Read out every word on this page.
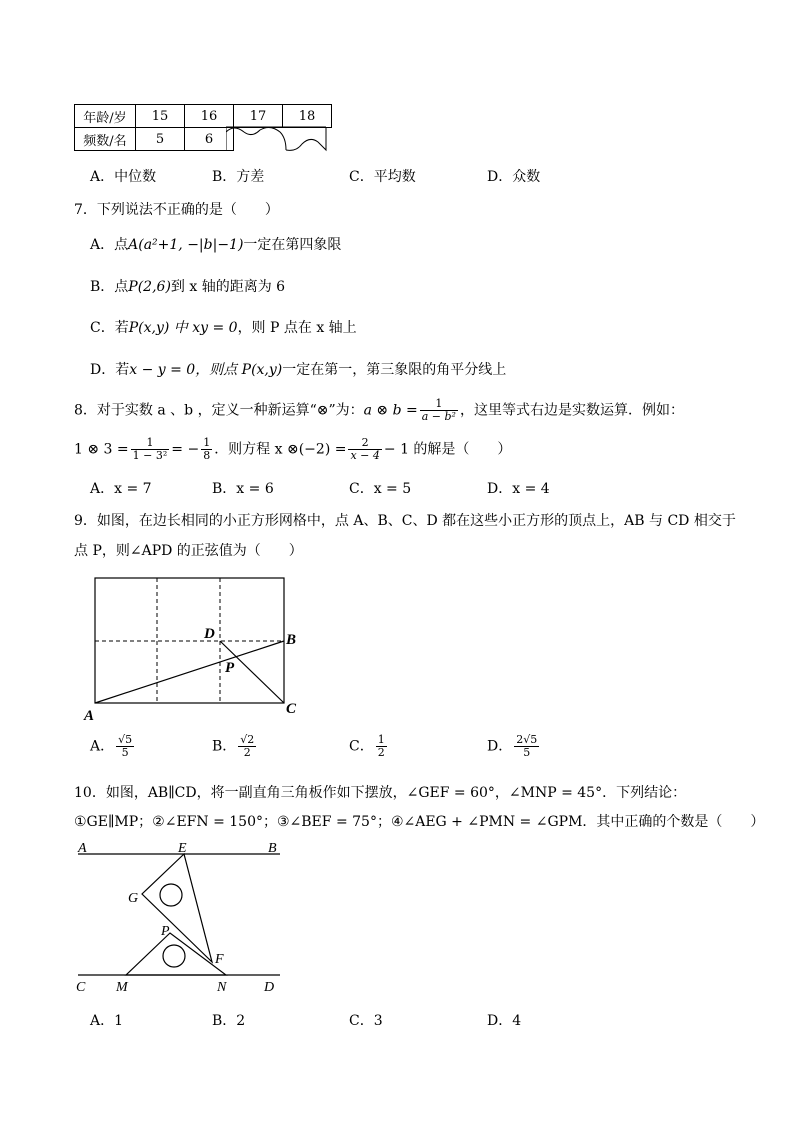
年龄/岁	15	16	17	18
频数/名	5	6		
A．中位数	B．方差	C．平均数	D．众数
7．下列说法不正确的是（　　）
A．点A(a²+1, −|b|−1)一定在第四象限
B．点P(2,6)到 x 轴的距离为 6
C．若P(x,y) 中 xy = 0，则 P 点在 x 轴上
D．若x − y = 0，则点 P(x,y)一定在第一，第三象限的角平分线上
8．对于实数 a 、b ，定义一种新运算“⊗”为：a ⊗ $b = \frac{1}{\text{a − b²}}$ ，这里等式右边是实数运算．例如：
1 ⊗ $3 = \frac{1}{\text{1 − 3²}}$ = − $\frac{1}{8}$ ．则方程 x ⊗(−2) = $\frac{2}{x - 4} - 1$ 的解是（　　）
A．x = 7	B．x = 6	C．x = 5	D．x = 4
9．如图，在边长相同的小正方形网格中，点 A、B、C、D 都在这些小正方形的顶点上，AB 与 CD 相交于
点 P，则∠APD 的正弦值为（　　）
A
B
C
D
P
A． $\frac{√5}{5}$	B． $\frac{√2}{2}$	C． $\frac{1}{2}$	D． $\frac{2√5}{5}$
10．如图，AB∥CD，将一副直角三角板作如下摆放，∠GEF = 60°，∠MNP = 45°．下列结论：
①GE∥MP；②∠EFN = 150°；③∠BEF = 75°；④∠AEG + ∠PMN = ∠GPM．其中正确的个数是（　　）
A	E	B
G
P
F
C M	N	D
A．1	B．2	C．3	D．4
